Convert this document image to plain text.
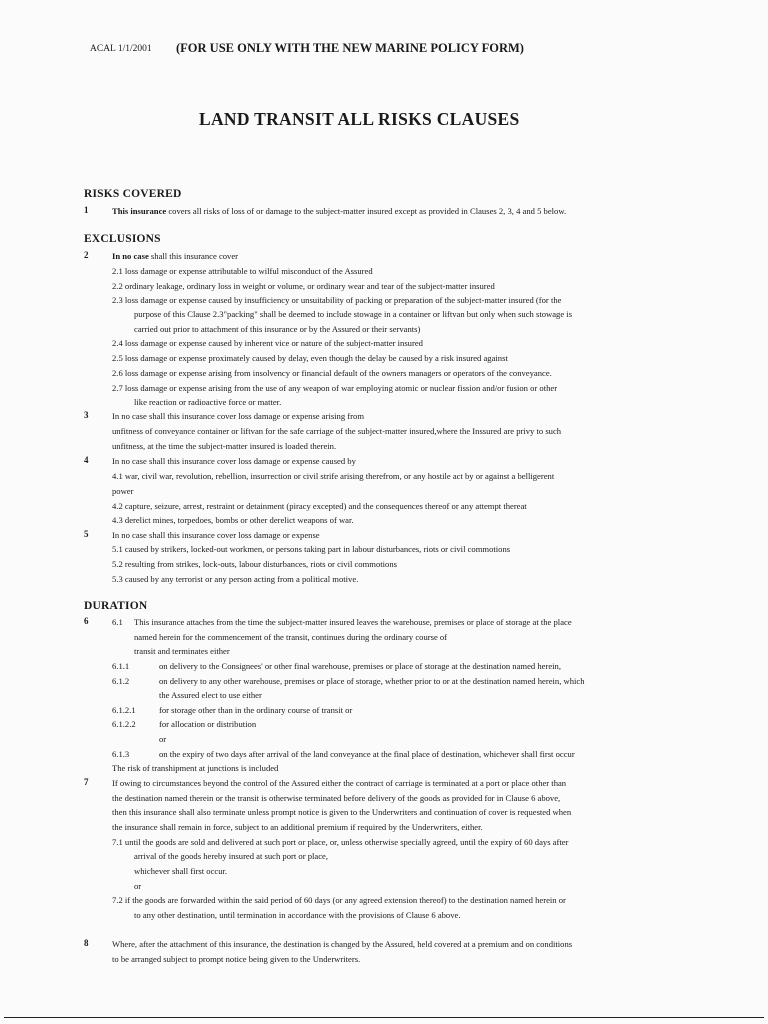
ACAL 1/1/2001 (FOR USE ONLY WITH THE NEW MARINE POLICY FORM)
LAND TRANSIT ALL RISKS CLAUSES
RISKS COVERED
1	This insurance covers all risks of loss of or damage to the subject-matter insured except as provided in Clauses 2, 3, 4 and 5 below.
EXCLUSIONS
2	In no case shall this insurance cover
2.1 loss damage or expense attributable to wilful misconduct of the Assured
2.2 ordinary leakage, ordinary loss in weight or volume, or ordinary wear and tear of the subject-matter insured
2.3 loss damage or expense caused by insufficiency or unsuitability of packing or preparation of the subject-matter insured (for the
purpose of this Clause 2.3"packing" shall be deemed to include stowage in a container or liftvan but only when such stowage is
carried out prior to attachment of this insurance or by the Assured or their servants)
2.4 loss damage or expense caused by inherent vice or nature of the subject-matter insured
2.5 loss damage or expense proximately caused by delay, even though the delay be caused by a risk insured against
2.6 loss damage or expense arising from insolvency or financial default of the owners managers or operators of the conveyance.
2.7 loss damage or expense arising from the use of any weapon of war employing atomic or nuclear fission and/or fusion or other
like reaction or radioactive force or matter.
3	In no case shall this insurance cover loss damage or expense arising from
unfitness of conveyance container or liftvan for the safe carriage of the subject-matter insured,where the Inssured are privy to such
unfitness, at the time the subject-matter insured is loaded therein.
4	In no case shall this insurance cover loss damage or expense caused by
4.1 war, civil war, revolution, rebellion, insurrection or civil strife arising therefrom, or any hostile act by or against a belligerent
power
4.2 capture, seizure, arrest, restraint or detainment (piracy excepted) and the consequences thereof or any attempt thereat
4.3 derelict mines, torpedoes, bombs or other derelict weapons of war.
5	In no case shall this insurance cover loss damage or expense
5.1 caused by strikers, locked-out workmen, or persons taking part in labour disturbances, riots or civil commotions
5.2 resulting from strikes, lock-outs, labour disturbances, riots or civil commotions
5.3 caused by any terrorist or any person acting from a political motive.
DURATION
6	6.1 This insurance attaches from the time the subject-matter insured leaves the warehouse, premises or place of storage at the place
named herein for the commencement of the transit, continues during the ordinary course of
transit and terminates either
6.1.1	on delivery to the Consignees' or other final warehouse, premises or place of storage at the destination named herein,
6.1.2	on delivery to any other warehouse, premises or place of storage, whether prior to or at the destination named herein, which
the Assured elect to use either
6.1.2.1	for storage other than in the ordinary course of transit or
6.1.2.2	for allocation or distribution
or
6.1.3	on the expiry of two days after arrival of the land conveyance at the final place of destination, whichever shall first occur
The risk of transhipment at junctions is included
7	If owing to circumstances beyond the control of the Assured either the contract of carriage is terminated at a port or place other than
the destination named therein or the transit is otherwise terminated before delivery of the goods as provided for in Clause 6 above,
then this insurance shall also terminate unless prompt notice is given to the Underwriters and continuation of cover is requested when
the insurance shall remain in force, subject to an additional premium if required by the Underwriters, either.
7.1 until the goods are sold and delivered at such port or place, or, unless otherwise specially agreed, until the expiry of 60 days after
arrival of the goods hereby insured at such port or place,
whichever shall first occur.
or
7.2 if the goods are forwarded within the said period of 60 days (or any agreed extension thereof) to the destination named herein or
to any other destination, until termination in accordance with the provisions of Clause 6 above.
8	Where, after the attachment of this insurance, the destination is changed by the Assured, held covered at a premium and on conditions
to be arranged subject to prompt notice being given to the Underwriters.
